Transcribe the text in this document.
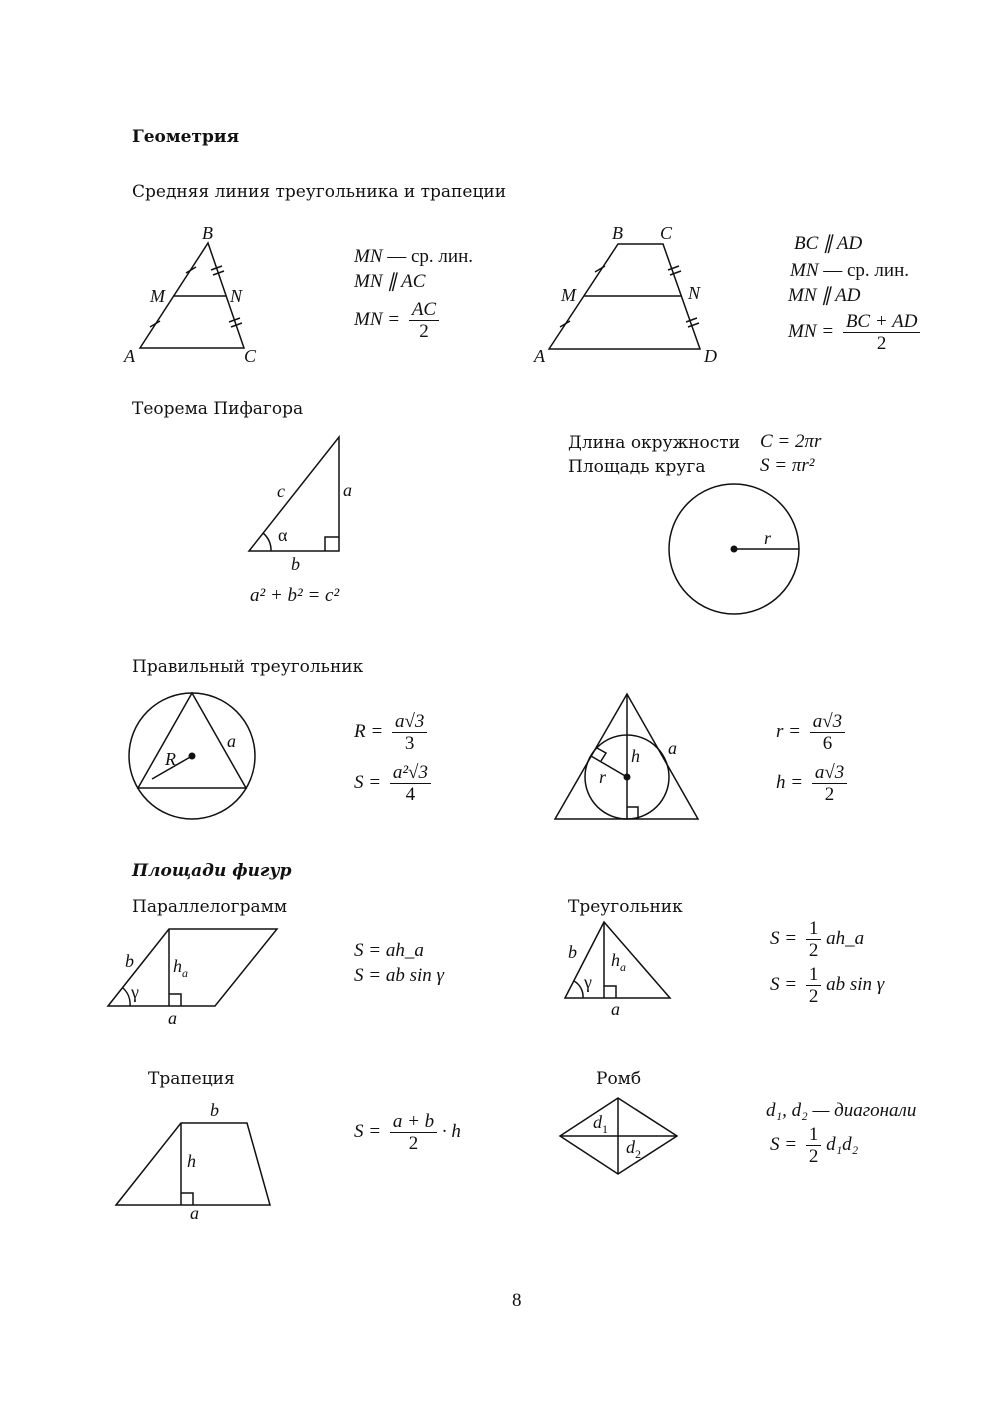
Геометрия
Средняя линия треугольника и трапеции
B
M	N
A	C
B C
M	N
A	D
c	a
α
b
r
R
a
h
r
a
b $h_a$
γ
a
b $h_a$
γ
a
b
h
a
$d_1$
$d_2$
MN — ср. лин.
MN ∥ AC
MN = $\frac{AC}{2}$
BC ∥ AD
MN — ср. лин.
MN ∥ AD
MN = $\frac{BC + AD}{2}$
Теорема Пифагора
a² + b² = c²
Длина окружности C = 2πr
Площадь круга	S = πr²
Правильный треугольник
$R = \frac{a√3}{3}$
$S = \frac{\text{a²√3}}{4}$
$r = \frac{a√3}{6}$
$h = \frac{a√3}{2}$
Площади фигур
Параллелограмм
S = ah_a
S = ab sin γ
Треугольник
$S = \frac{1}{2}$ ah_a
$S = \frac{1}{2}$ ab sin γ
Трапеция
$S = \frac{a + b}{2} \cdot h$
Ромб
d₁, d₂ — диагонали
$S = \frac{1}{2} d_1d_2$
8
